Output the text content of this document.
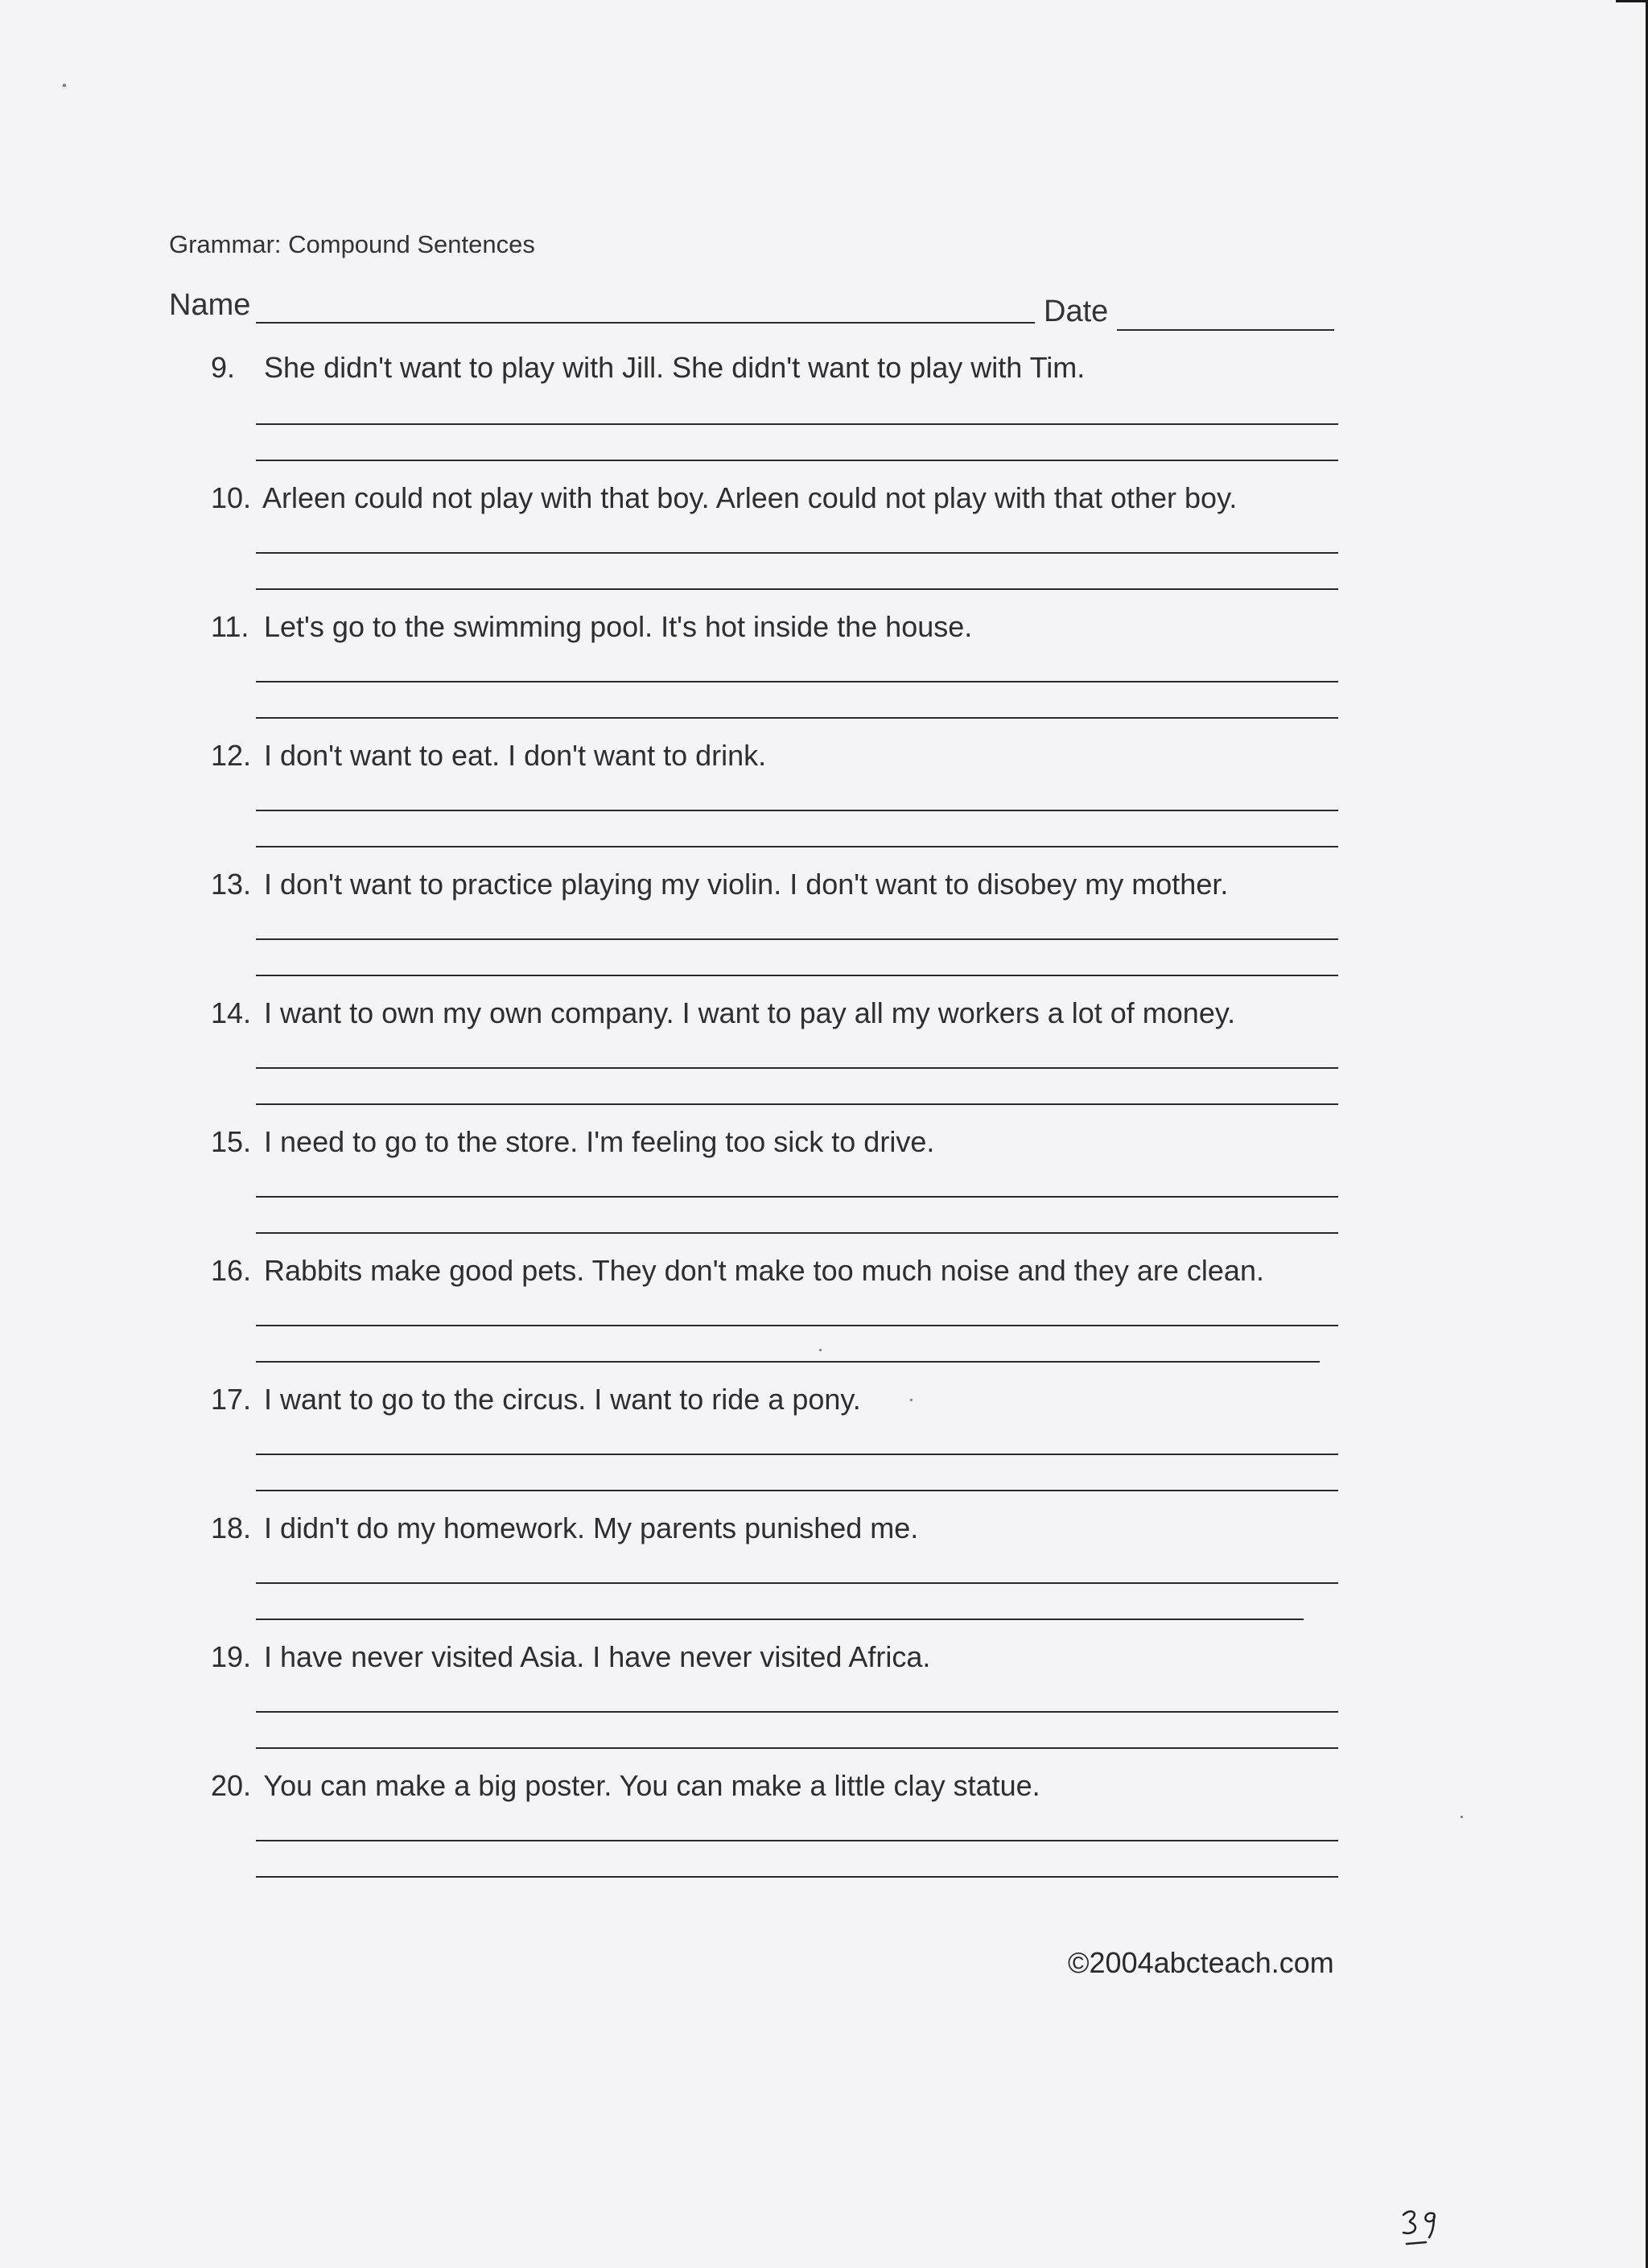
Grammar: Compound Sentences
Name	Date
9. She didn't want to play with Jill. She didn't want to play with Tim.
10. Arleen could not play with that boy. Arleen could not play with that other boy.
11. Let's go to the swimming pool. It's hot inside the house.
12. I don't want to eat. I don't want to drink.
13. I don't want to practice playing my violin. I don't want to disobey my mother.
14. I want to own my own company. I want to pay all my workers a lot of money.
15. I need to go to the store. I'm feeling too sick to drive.
16. Rabbits make good pets. They don't make too much noise and they are clean.
17. I want to go to the circus. I want to ride a pony.
18. I didn't do my homework. My parents punished me.
19. I have never visited Asia. I have never visited Africa.
20. You can make a big poster. You can make a little clay statue.
©2004abcteach.com
